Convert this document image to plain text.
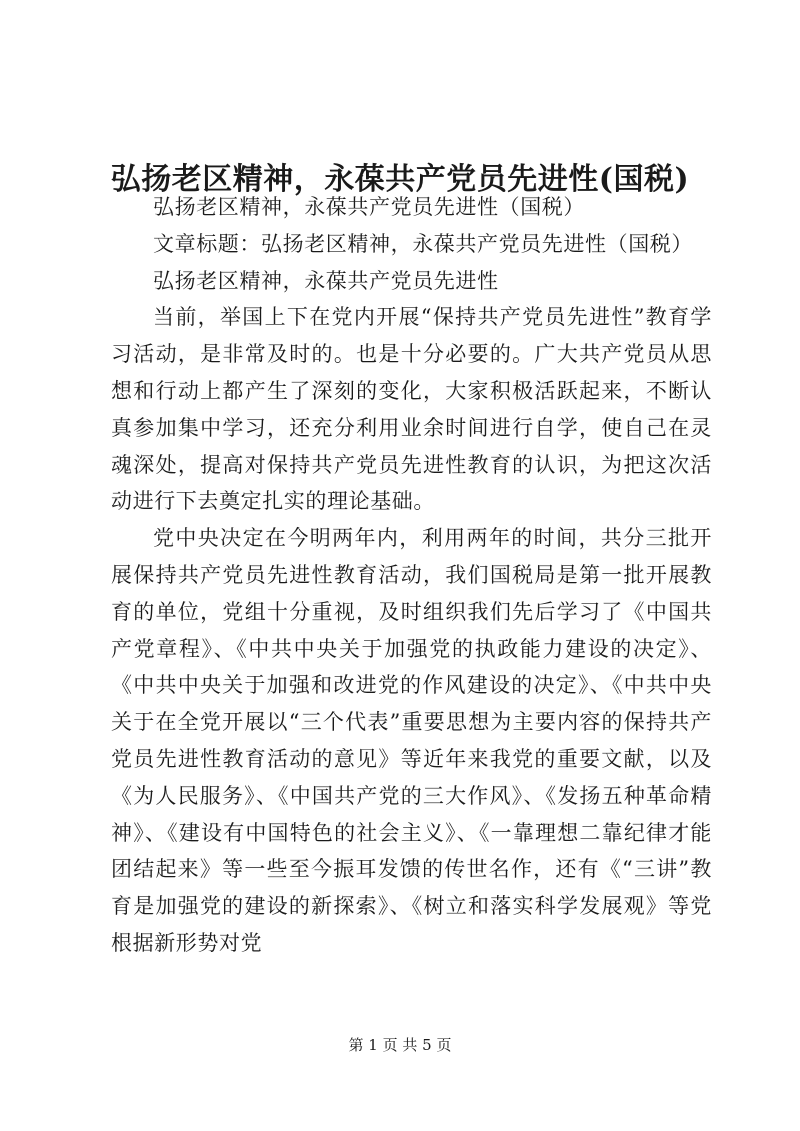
弘扬老区精神，永葆共产党员先进性(国税)

弘扬老区精神，永葆共产党员先进性（国税）

文章标题：弘扬老区精神，永葆共产党员先进性（国税）

弘扬老区精神，永葆共产党员先进性

当前，举国上下在党内开展“保持共产党员先进性”教育学习活动，是非常及时的。也是十分必要的。广大共产党员从思想和行动上都产生了深刻的变化，大家积极活跃起来，不断认真参加集中学习，还充分利用业余时间进行自学，使自己在灵魂深处，提高对保持共产党员先进性教育的认识，为把这次活动进行下去奠定扎实的理论基础。

党中央决定在今明两年内，利用两年的时间，共分三批开展保持共产党员先进性教育活动，我们国税局是第一批开展教育的单位，党组十分重视，及时组织我们先后学习了《中国共产党章程》、《中共中央关于加强党的执政能力建设的决定》、《中共中央关于加强和改进党的作风建设的决定》、《中共中央关于在全党开展以“三个代表”重要思想为主要内容的保持共产党员先进性教育活动的意见》等近年来我党的重要文献，以及《为人民服务》、《中国共产党的三大作风》、《发扬五种革命精神》、《建设有中国特色的社会主义》、《一靠理想二靠纪律才能团结起来》等一些至今振耳发馈的传世名作，还有《“三讲”教育是加强党的建设的新探索》、《树立和落实科学发展观》等党根据新形势对党

第 1 页 共 5 页
